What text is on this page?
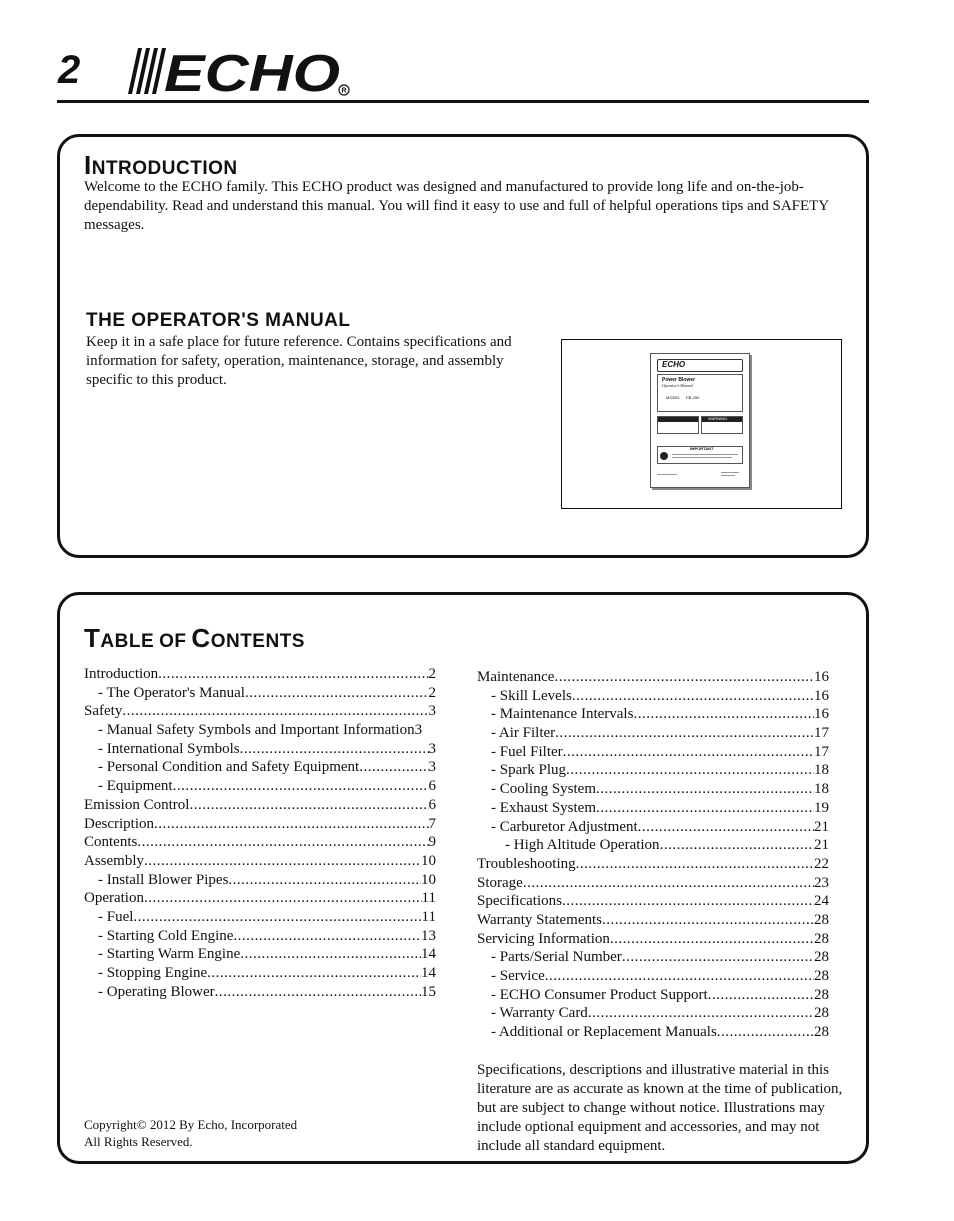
2 ECHO R
INTRODUCTION
Welcome to the ECHO family. This ECHO product was designed and manufactured to provide long life and on-the-job-dependability. Read and understand this manual. You will find it easy to use and full of helpful operations tips and SAFETY messages.
THE OPERATOR'S MANUAL
Keep it in a safe place for future reference. Contains specifications and information for safety, operation, maintenance, storage, and assembly specific to this product.
ECHO
Power Blower
Operator's Manual
MODEL PB-250
WARNING
IMPORTANT
TABLE OF CONTENTS
Introduction .....	2
- The Operator's Manual .....	2
Safety .....	3
- Manual Safety Symbols and Important Information 3
- International Symbols .....	3
- Personal Condition and Safety Equipment .....	3
- Equipment .....	6
Emission Control .....	6
Description .....	7
Contents .....	9
Assembly .....	10
- Install Blower Pipes .....	10
Operation .....	11
- Fuel .....	11
- Starting Cold Engine .....	13
- Starting Warm Engine .....	14
- Stopping Engine .....	14
- Operating Blower .....	15
Maintenance .....	16
- Skill Levels .....	16
- Maintenance Intervals .....	16
- Air Filter .....	17
- Fuel Filter .....	17
- Spark Plug .....	18
- Cooling System .....	18
- Exhaust System .....	19
- Carburetor Adjustment .....	21
- High Altitude Operation .....	21
Troubleshooting .....	22
Storage .....	23
Specifications .....	24
Warranty Statements .....	28
Servicing Information .....	28
- Parts/Serial Number .....	28
- Service .....	28
- ECHO Consumer Product Support .....	28
- Warranty Card .....	28
- Additional or Replacement Manuals .....	28
Copyright© 2012 By Echo, Incorporated
All Rights Reserved.
Specifications, descriptions and illustrative material in this literature are as accurate as known at the time of publication, but are subject to change without notice. Illustrations may include optional equipment and accessories, and may not include all standard equipment.
